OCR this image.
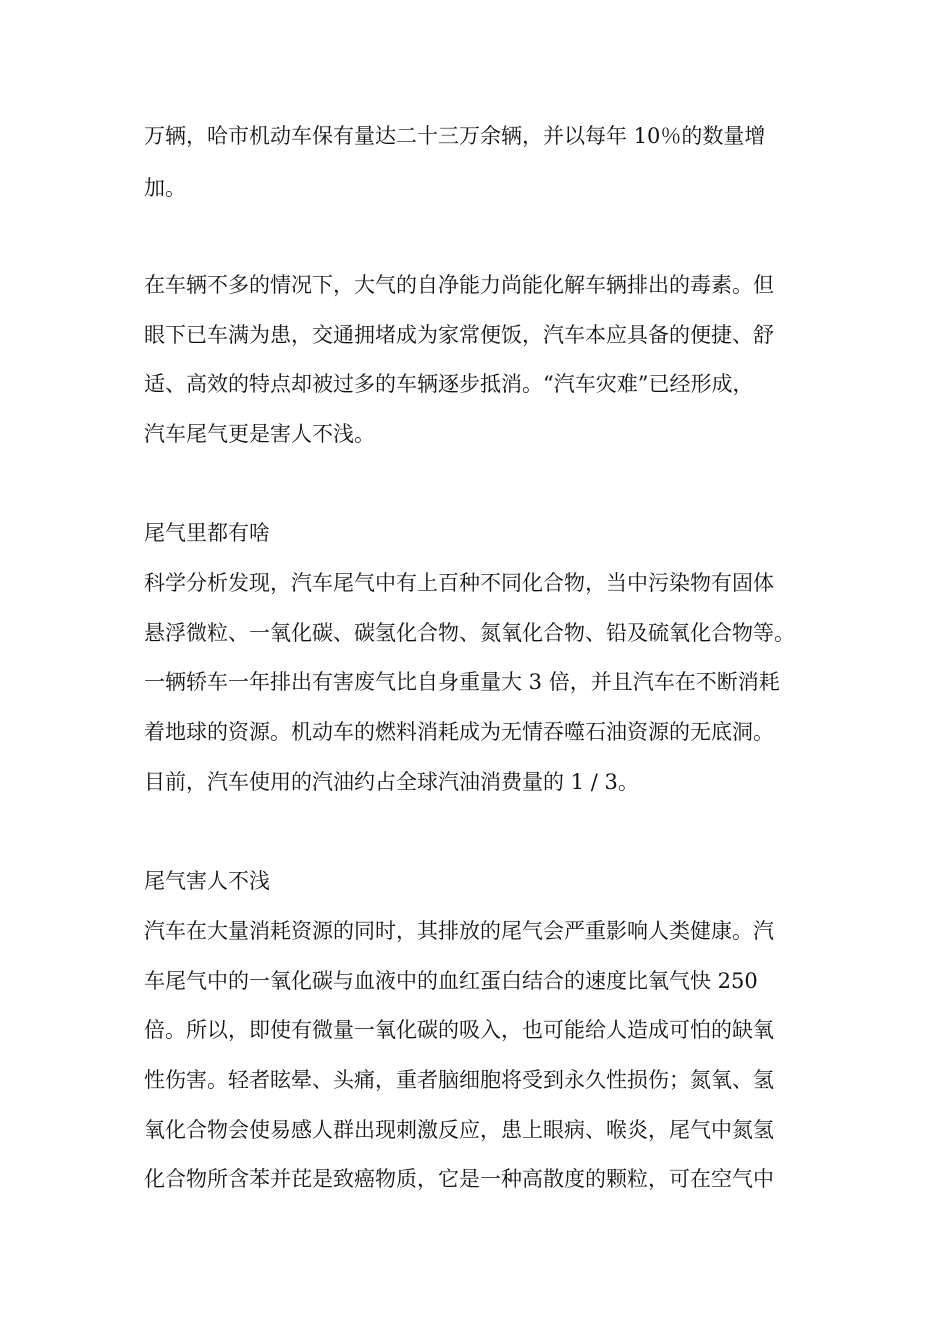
万辆，哈市机动车保有量达二十三万余辆，并以每年 10％的数量增
加。
在车辆不多的情况下，大气的自净能力尚能化解车辆排出的毒素。但
眼下已车满为患，交通拥堵成为家常便饭，汽车本应具备的便捷、舒
适、高效的特点却被过多的车辆逐步抵消。“汽车灾难”已经形成，
汽车尾气更是害人不浅。
尾气里都有啥
科学分析发现，汽车尾气中有上百种不同化合物，当中污染物有固体
悬浮微粒、一氧化碳、碳氢化合物、氮氧化合物、铅及硫氧化合物等。
一辆轿车一年排出有害废气比自身重量大 3 倍，并且汽车在不断消耗
着地球的资源。机动车的燃料消耗成为无情吞噬石油资源的无底洞。
目前，汽车使用的汽油约占全球汽油消费量的 1 / 3。
尾气害人不浅
汽车在大量消耗资源的同时，其排放的尾气会严重影响人类健康。汽
车尾气中的一氧化碳与血液中的血红蛋白结合的速度比氧气快 250
倍。所以，即使有微量一氧化碳的吸入，也可能给人造成可怕的缺氧
性伤害。轻者眩晕、头痛，重者脑细胞将受到永久性损伤；氮氧、氢
氧化合物会使易感人群出现刺激反应，患上眼病、喉炎，尾气中氮氢
化合物所含苯并芘是致癌物质，它是一种高散度的颗粒，可在空气中
